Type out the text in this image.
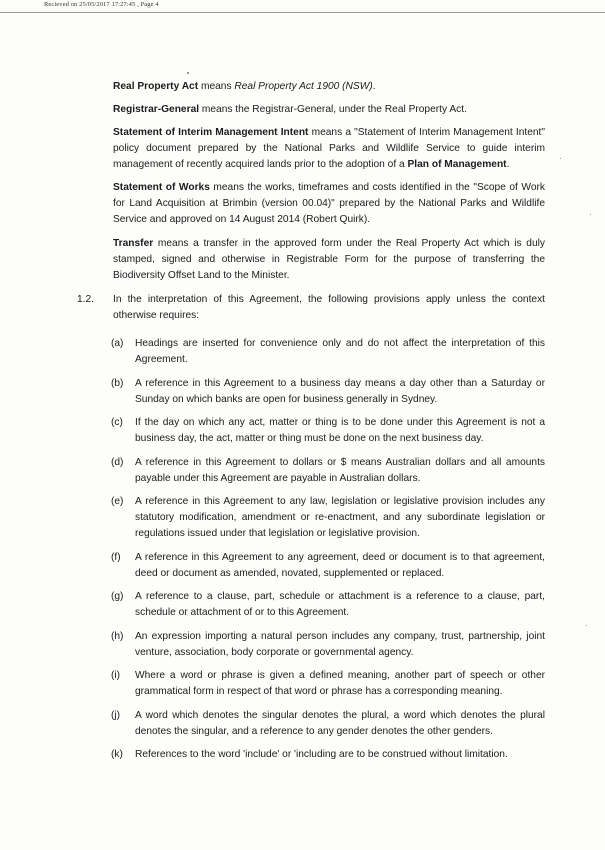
Recieved on 25/05/2017 17:27:45 , Page 4
Real Property Act means Real Property Act 1900 (NSW).
Registrar-General means the Registrar-General, under the Real Property Act.
Statement of Interim Management Intent means a "Statement of Interim Management Intent" policy document prepared by the National Parks and Wildlife Service to guide interim management of recently acquired lands prior to the adoption of a Plan of Management.
Statement of Works means the works, timeframes and costs identified in the "Scope of Work for Land Acquisition at Brimbin (version 00.04)" prepared by the National Parks and Wildlife Service and approved on 14 August 2014 (Robert Quirk).
Transfer means a transfer in the approved form under the Real Property Act which is duly stamped, signed and otherwise in Registrable Form for the purpose of transferring the Biodiversity Offset Land to the Minister.
1.2. In the interpretation of this Agreement, the following provisions apply unless the context otherwise requires:
(a) Headings are inserted for convenience only and do not affect the interpretation of this Agreement.
(b) A reference in this Agreement to a business day means a day other than a Saturday or Sunday on which banks are open for business generally in Sydney.
(c) If the day on which any act, matter or thing is to be done under this Agreement is not a business day, the act, matter or thing must be done on the next business day.
(d) A reference in this Agreement to dollars or $ means Australian dollars and all amounts payable under this Agreement are payable in Australian dollars.
(e) A reference in this Agreement to any law, legislation or legislative provision includes any statutory modification, amendment or re-enactment, and any subordinate legislation or regulations issued under that legislation or legislative provision.
(f) A reference in this Agreement to any agreement, deed or document is to that agreement, deed or document as amended, novated, supplemented or replaced.
(g) A reference to a clause, part, schedule or attachment is a reference to a clause, part, schedule or attachment of or to this Agreement.
(h) An expression importing a natural person includes any company, trust, partnership, joint venture, association, body corporate or governmental agency.
(i) Where a word or phrase is given a defined meaning, another part of speech or other grammatical form in respect of that word or phrase has a corresponding meaning.
(j) A word which denotes the singular denotes the plural, a word which denotes the plural denotes the singular, and a reference to any gender denotes the other genders.
(k) References to the word 'include' or 'including are to be construed without limitation.
